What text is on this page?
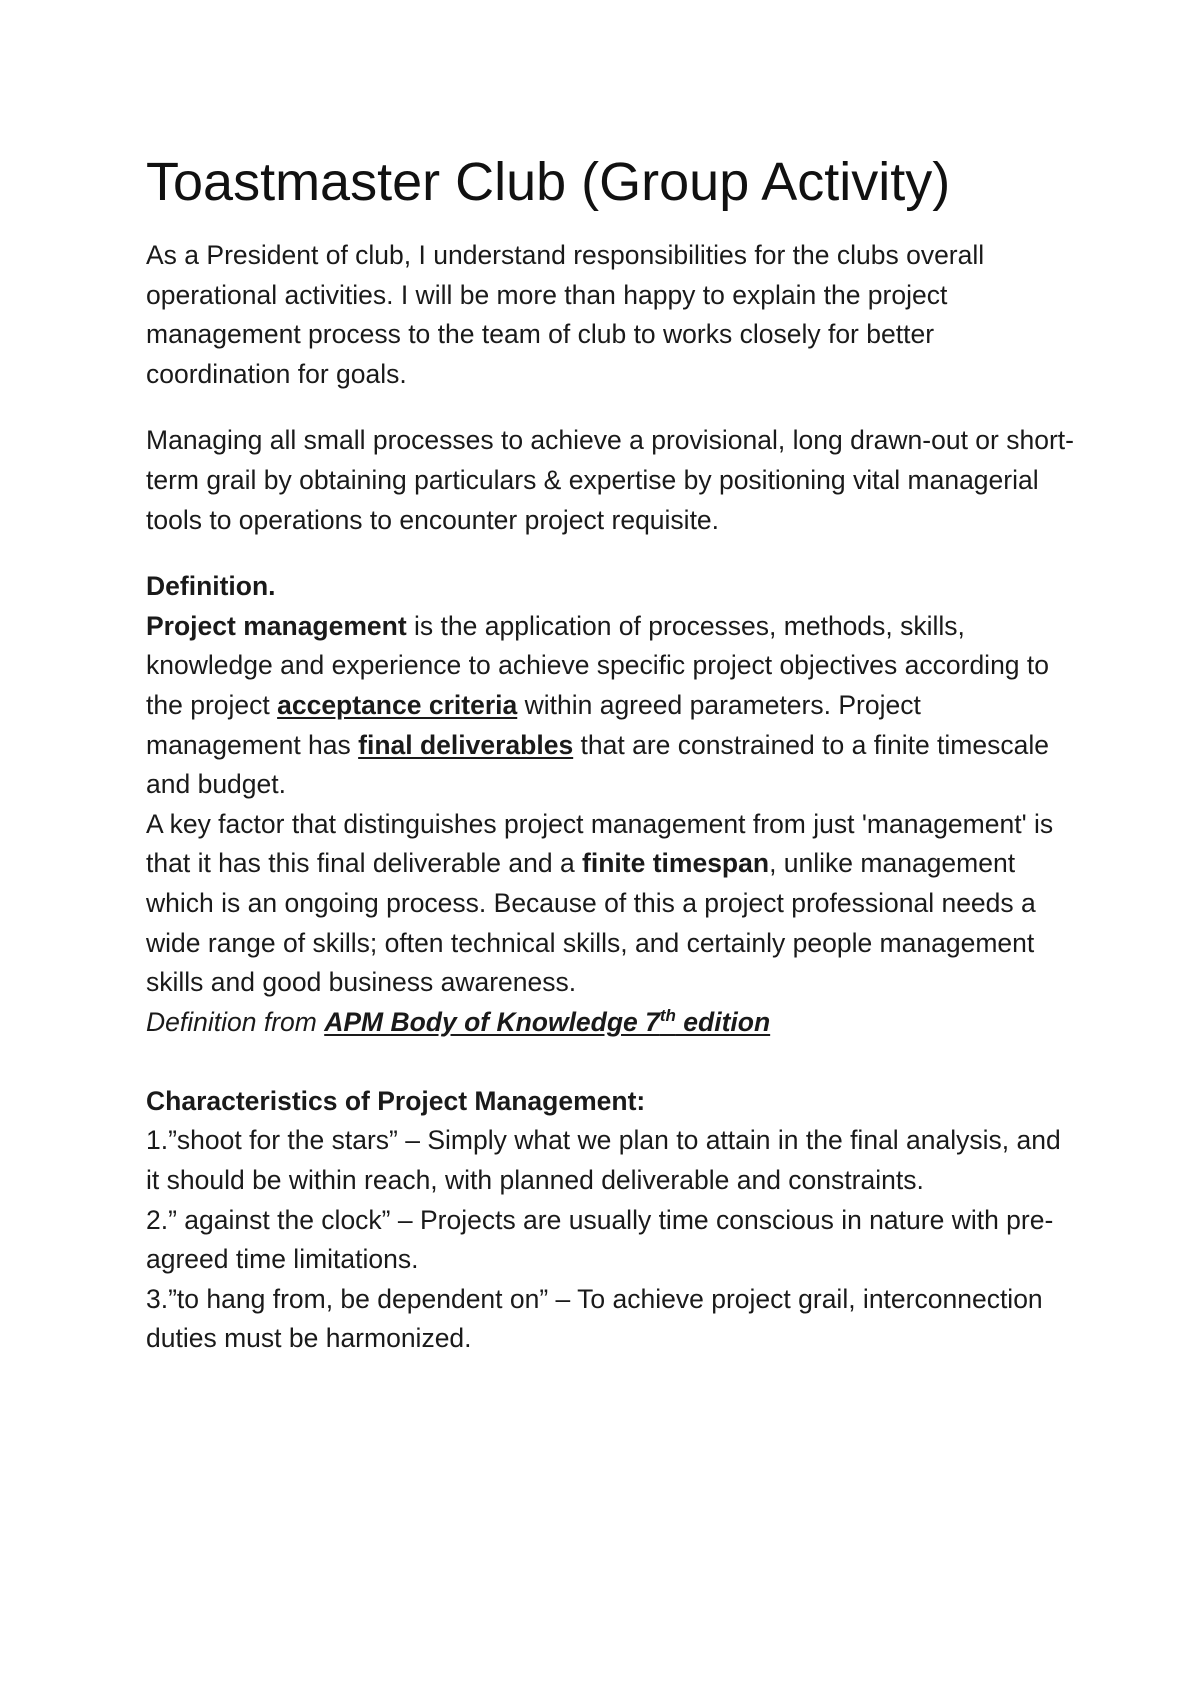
Toastmaster Club (Group Activity)

As a President of club, I understand responsibilities for the clubs overall operational activities. I will be more than happy to explain the project management process to the team of club to works closely for better coordination for goals.

Managing all small processes to achieve a provisional, long drawn-out or short-term grail by obtaining particulars & expertise by positioning vital managerial tools to operations to encounter project requisite.

Definition.
Project management is the application of processes, methods, skills, knowledge and experience to achieve specific project objectives according to the project acceptance criteria within agreed parameters. Project management has final deliverables that are constrained to a finite timescale and budget.
A key factor that distinguishes project management from just 'management' is that it has this final deliverable and a finite timespan, unlike management which is an ongoing process. Because of this a project professional needs a wide range of skills; often technical skills, and certainly people management skills and good business awareness.
Definition from APM Body of Knowledge 7th edition
Characteristics of Project Management:
1.”shoot for the stars” – Simply what we plan to attain in the final analysis, and it should be within reach, with planned deliverable and constraints.
2.” against the clock” – Projects are usually time conscious in nature with pre-agreed time limitations.
3.”to hang from, be dependent on” – To achieve project grail, interconnection duties must be harmonized.
